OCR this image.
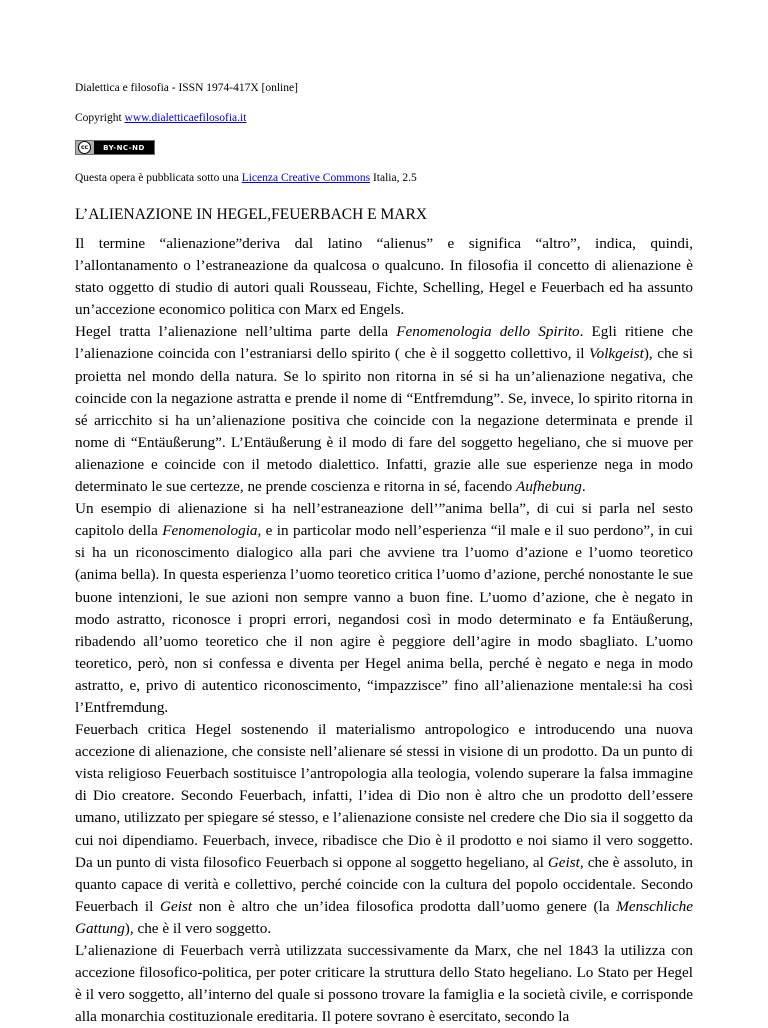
Dialettica e filosofia - ISSN 1974-417X [online]
Copyright www.dialetticaefilosofia.it
cc	BY-NC-ND
Questa opera è pubblicata sotto una Licenza Creative Commons Italia, 2.5
L’ALIENAZIONE IN HEGEL,FEUERBACH E MARX

Il termine “alienazione”deriva dal latino “alienus” e significa “altro”, indica, quindi, l’allontanamento o l’estraneazione da qualcosa o qualcuno. In filosofia il concetto di alienazione è stato oggetto di studio di autori quali Rousseau, Fichte, Schelling, Hegel e Feuerbach ed ha assunto un’accezione economico politica con Marx ed Engels.

Hegel tratta l’alienazione nell’ultima parte della Fenomenologia dello Spirito. Egli ritiene che l’alienazione coincida con l’estraniarsi dello spirito ( che è il soggetto collettivo, il Volkgeist), che si proietta nel mondo della natura. Se lo spirito non ritorna in sé si ha un’alienazione negativa, che coincide con la negazione astratta e prende il nome di “Entfremdung”. Se, invece, lo spirito ritorna in sé arricchito si ha un’alienazione positiva che coincide con la negazione determinata e prende il nome di “Entäußerung”. L’Entäußerung è il modo di fare del soggetto hegeliano, che si muove per alienazione e coincide con il metodo dialettico. Infatti, grazie alle sue esperienze nega in modo determinato le sue certezze, ne prende coscienza e ritorna in sé, facendo Aufhebung.

Un esempio di alienazione si ha nell’estraneazione dell’”anima bella”, di cui si parla nel sesto capitolo della Fenomenologia, e in particolar modo nell’esperienza “il male e il suo perdono”, in cui si ha un riconoscimento dialogico alla pari che avviene tra l’uomo d’azione e l’uomo teoretico (anima bella). In questa esperienza l’uomo teoretico critica l’uomo d’azione, perché nonostante le sue buone intenzioni, le sue azioni non sempre vanno a buon fine. L’uomo d’azione, che è negato in modo astratto, riconosce i propri errori, negandosi così in modo determinato e fa Entäußerung, ribadendo all’uomo teoretico che il non agire è peggiore dell’agire in modo sbagliato. L’uomo teoretico, però, non si confessa e diventa per Hegel anima bella, perché è negato e nega in modo astratto, e, privo di autentico riconoscimento, “impazzisce” fino all’alienazione mentale:si ha così l’Entfremdung.

Feuerbach critica Hegel sostenendo il materialismo antropologico e introducendo una nuova accezione di alienazione, che consiste nell’alienare sé stessi in visione di un prodotto. Da un punto di vista religioso Feuerbach sostituisce l’antropologia alla teologia, volendo superare la falsa immagine di Dio creatore. Secondo Feuerbach, infatti, l’idea di Dio non è altro che un prodotto dell’essere umano, utilizzato per spiegare sé stesso, e l’alienazione consiste nel credere che Dio sia il soggetto da cui noi dipendiamo. Feuerbach, invece, ribadisce che Dio è il prodotto e noi siamo il vero soggetto. Da un punto di vista filosofico Feuerbach si oppone al soggetto hegeliano, al Geist, che è assoluto, in quanto capace di verità e collettivo, perché coincide con la cultura del popolo occidentale. Secondo Feuerbach il Geist non è altro che un’idea filosofica prodotta dall’uomo genere (la Menschliche Gattung), che è il vero soggetto.

L’alienazione di Feuerbach verrà utilizzata successivamente da Marx, che nel 1843 la utilizza con accezione filosofico-politica, per poter criticare la struttura dello Stato hegeliano. Lo Stato per Hegel è il vero soggetto, all’interno del quale si possono trovare la famiglia e la società civile, e corrisponde alla monarchia costituzionale ereditaria. Il potere sovrano è esercitato, secondo la
